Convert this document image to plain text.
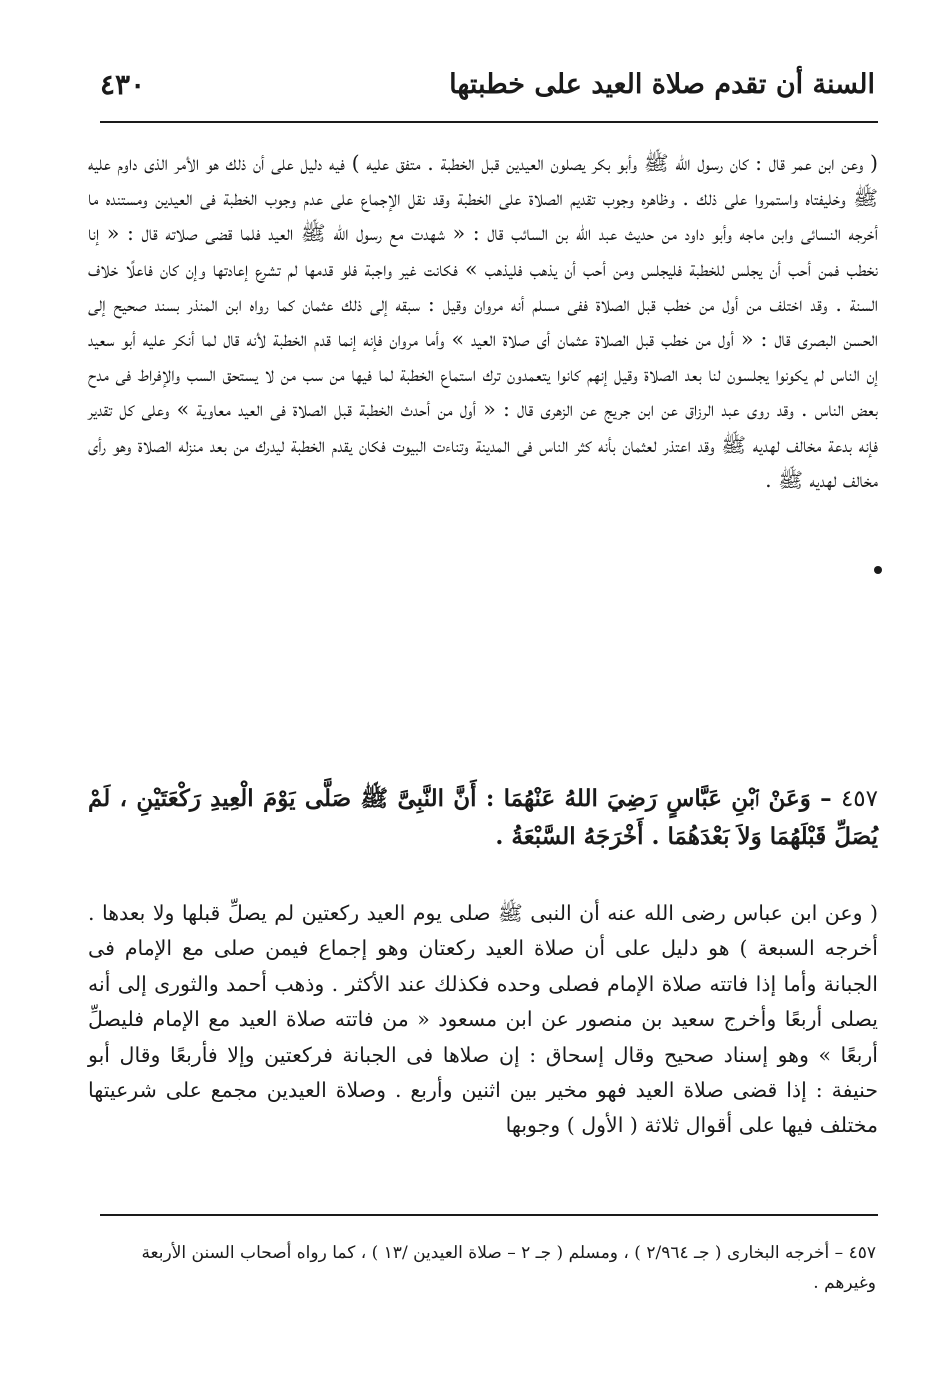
السنة أن تقدم صلاة العيد على خطبتها
٤٣٠

( وعن ابن عمر قال : كان رسول الله ﷺ وأبو بكر يصلون العيدين قبل الخطبة . متفق عليه ) فيه دليل على أن ذلك هو الأمر الذى داوم عليه ﷺ وخليفتاه واستمروا على ذلك . وظاهره وجوب تقديم الصلاة على الخطبة وقد نقل الإجماع على عدم وجوب الخطبة فى العيدين ومستنده ما أخرجه النسائى وابن ماجه وأبو داود من حديث عبد الله بن السائب قال : « شهدت مع رسول الله ﷺ العيد فلما قضى صلاته قال : « إنا نخطب فمن أحب أن يجلس للخطبة فليجلس ومن أحب أن يذهب فليذهب » فكانت غير واجبة فلو قدمها لم تشرع إعادتها وإن كان فاعلًا خلاف السنة . وقد اختلف من أول من خطب قبل الصلاة ففى مسلم أنه مروان وقيل : سبقه إلى ذلك عثمان كما رواه ابن المنذر بسند صحيح إلى الحسن البصرى قال : « أول من خطب قبل الصلاة عثمان أى صلاة العيد » وأما مروان فإنه إنما قدم الخطبة لأنه قال لما أنكر عليه أبو سعيد إن الناس لم يكونوا يجلسون لنا بعد الصلاة وقيل إنهم كانوا يتعمدون ترك استماع الخطبة لما فيها من سب من لا يستحق السب والإفراط فى مدح بعض الناس . وقد روى عبد الرزاق عن ابن جريج عن الزهرى قال : « أول من أحدث الخطبة قبل الصلاة فى العيد معاوية » وعلى كل تقدير فإنه بدعة مخالف لهديه ﷺ وقد اعتذر لعثمان بأنه كثر الناس فى المدينة وتناءت البيوت فكان يقدم الخطبة ليدرك من بعد منزله الصلاة وهو رأى مخالف لهديه ﷺ .

٤٥٧ – وَعَنْ ٱبْنِ عَبَّاسٍ رَضِيَ اللهُ عَنْهُمَا : أَنَّ النَّبِىَّ ﷺ صَلَّى يَوْمَ الْعِيدِ رَكْعَتَيْنِ ، لَمْ يُصَلِّ قَبْلَهُمَا وَلاَ بَعْدَهُمَا . أَخْرَجَهُ السَّبْعَةُ .

( وعن ابن عباس رضى الله عنه أن النبى ﷺ صلى يوم العيد ركعتين لم يصلِّ قبلها ولا بعدها . أخرجه السبعة ) هو دليل على أن صلاة العيد ركعتان وهو إجماع فيمن صلى مع الإمام فى الجبانة وأما إذا فاتته صلاة الإمام فصلى وحده فكذلك عند الأكثر . وذهب أحمد والثورى إلى أنه يصلى أربعًا وأخرج سعيد بن منصور عن ابن مسعود « من فاتته صلاة العيد مع الإمام فليصلِّ أربعًا » وهو إسناد صحيح وقال إسحاق : إن صلاها فى الجبانة فركعتين وإلا فأربعًا وقال أبو حنيفة : إذا قضى صلاة العيد فهو مخير بين اثنين وأربع . وصلاة العيدين مجمع على شرعيتها مختلف فيها على أقوال ثلاثة ( الأول ) وجوبها

٤٥٧ – أخرجه البخارى ( جـ ٢/٩٦٤ ) ، ومسلم ( جـ ٢ – صلاة العيدين /١٣ ) ، كما رواه أصحاب السنن الأربعة وغيرهم .
